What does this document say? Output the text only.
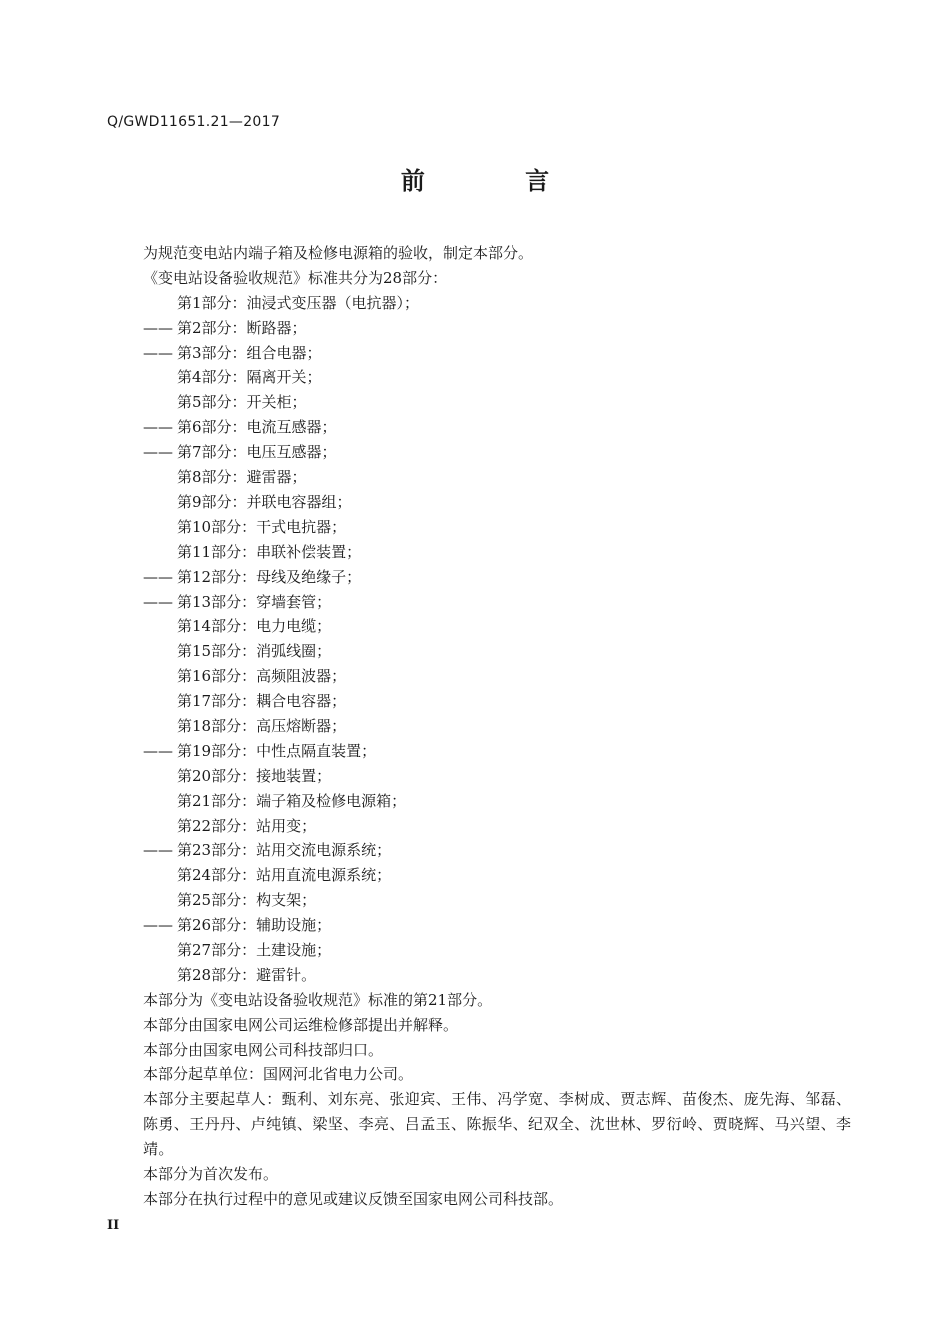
Q/GWD11651.21—2017
前 言

为规范变电站内端子箱及检修电源箱的验收，制定本部分。

《变电站设备验收规范》标准共分为28部分：

第1部分：油浸式变压器（电抗器）；
—— 第2部分：断路器；
—— 第3部分：组合电器；
第4部分：隔离开关；
第5部分：开关柜；
—— 第6部分：电流互感器；
—— 第7部分：电压互感器；
第8部分：避雷器；
第9部分：并联电容器组；
第10部分：干式电抗器；
第11部分：串联补偿装置；
—— 第12部分：母线及绝缘子；
—— 第13部分：穿墙套管；
第14部分：电力电缆；
第15部分：消弧线圈；
第16部分：高频阻波器；
第17部分：耦合电容器；
第18部分：高压熔断器；
—— 第19部分：中性点隔直装置；
第20部分：接地装置；
第21部分：端子箱及检修电源箱；
第22部分：站用变；
—— 第23部分：站用交流电源系统；
第24部分：站用直流电源系统；
第25部分：构支架；
—— 第26部分：辅助设施；
第27部分：土建设施；
第28部分：避雷针。

本部分为《变电站设备验收规范》标准的第21部分。

本部分由国家电网公司运维检修部提出并解释。

本部分由国家电网公司科技部归口。

本部分起草单位：国网河北省电力公司。

本部分主要起草人：甄利、刘东亮、张迎宾、王伟、冯学宽、李树成、贾志辉、苗俊杰、庞先海、邹磊、陈勇、王丹丹、卢纯镇、梁坚、李亮、吕孟玉、陈振华、纪双全、沈世林、罗衍岭、贾晓辉、马兴望、李靖。

本部分为首次发布。

本部分在执行过程中的意见或建议反馈至国家电网公司科技部。

II
